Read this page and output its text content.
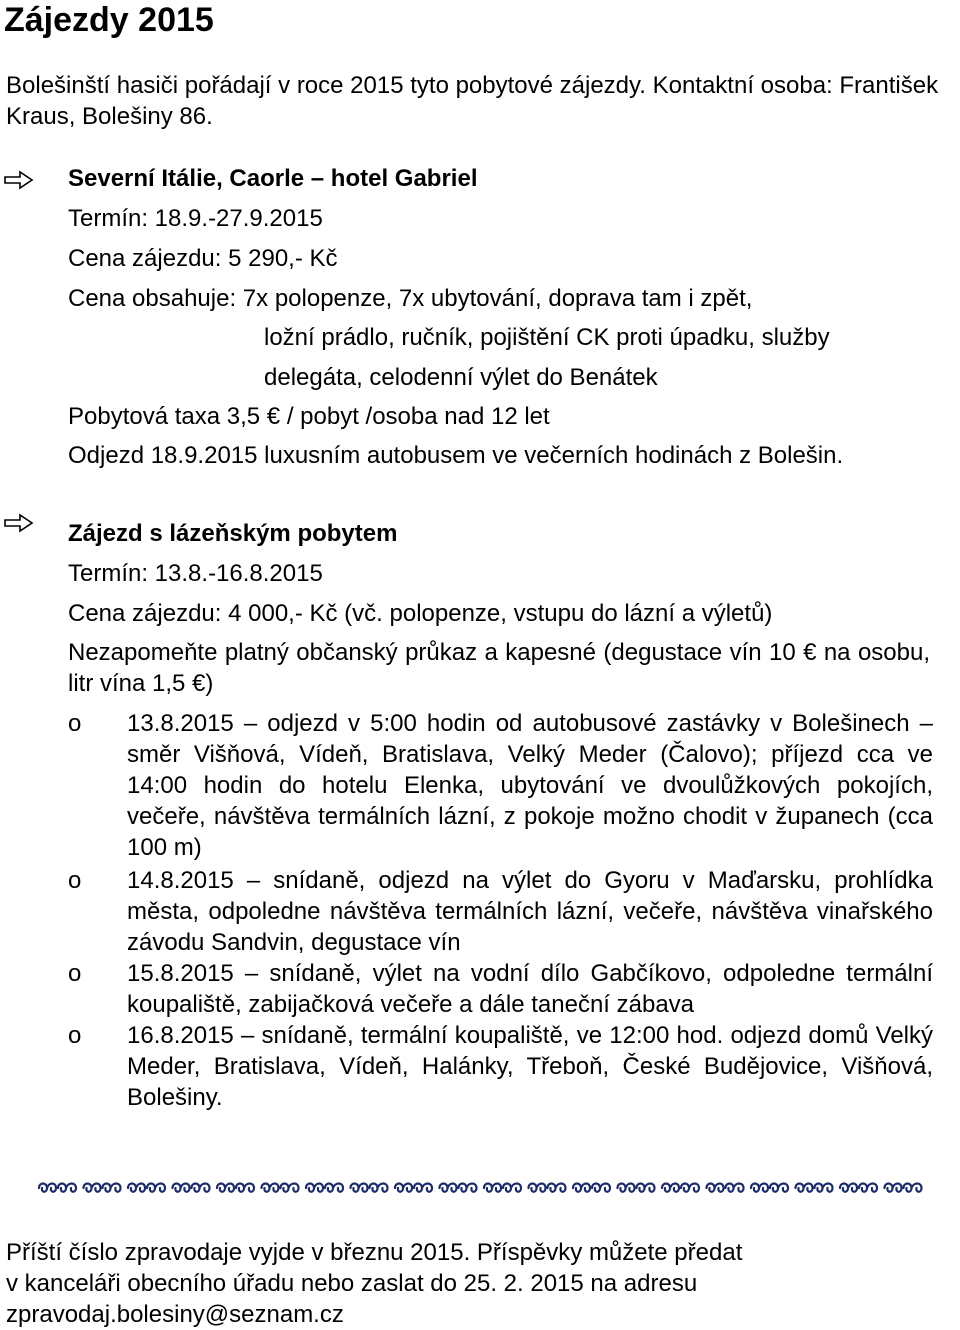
Zájezdy 2015

Bolešinští hasiči pořádají v roce 2015 tyto pobytové zájezdy. Kontaktní osoba: František Kraus, Bolešiny 86.

Severní Itálie, Caorle – hotel Gabriel

Termín: 18.9.-27.9.2015

Cena zájezdu: 5 290,- Kč

Cena obsahuje: 7x polopenze, 7x ubytování, doprava tam i zpět,

ložní prádlo, ručník, pojištění CK proti úpadku, služby

delegáta, celodenní výlet do Benátek

Pobytová taxa 3,5 € / pobyt /osoba nad 12 let

Odjezd 18.9.2015 luxusním autobusem ve večerních hodinách z Bolešin.

Zájezd s lázeňským pobytem

Termín: 13.8.-16.8.2015

Cena zájezdu: 4 000,- Kč (vč. polopenze, vstupu do lázní a výletů)

Nezapomeňte platný občanský průkaz a kapesné (degustace vín 10 € na osobu, litr vína 1,5 €)

o 13.8.2015 – odjezd v 5:00 hodin od autobusové zastávky v Bolešinech – směr Višňová, Vídeň, Bratislava, Velký Meder (Čalovo); příjezd cca ve 14:00 hodin do hotelu Elenka, ubytování ve dvoulůžkových pokojích, večeře, návštěva termálních lázní, z pokoje možno chodit v županech (cca 100 m)

o 14.8.2015 – snídaně, odjezd na výlet do Gyoru v Maďarsku, prohlídka města, odpoledne návštěva termálních lázní, večeře, návštěva vinařského závodu Sandvin, degustace vín

o 15.8.2015 – snídaně, výlet na vodní dílo Gabčíkovo, odpoledne termální koupaliště, zabijačková večeře a dále taneční zábava

o 16.8.2015 – snídaně, termální koupaliště, ve 12:00 hod. odjezd domů Velký Meder, Bratislava, Vídeň, Halánky, Třeboň, České Budějovice, Višňová, Bolešiny.

Příští číslo zpravodaje vyjde v březnu 2015. Příspěvky můžete předat

v kanceláři obecního úřadu nebo zaslat do 25. 2. 2015 na adresu

zpravodaj.bolesiny@seznam.cz
